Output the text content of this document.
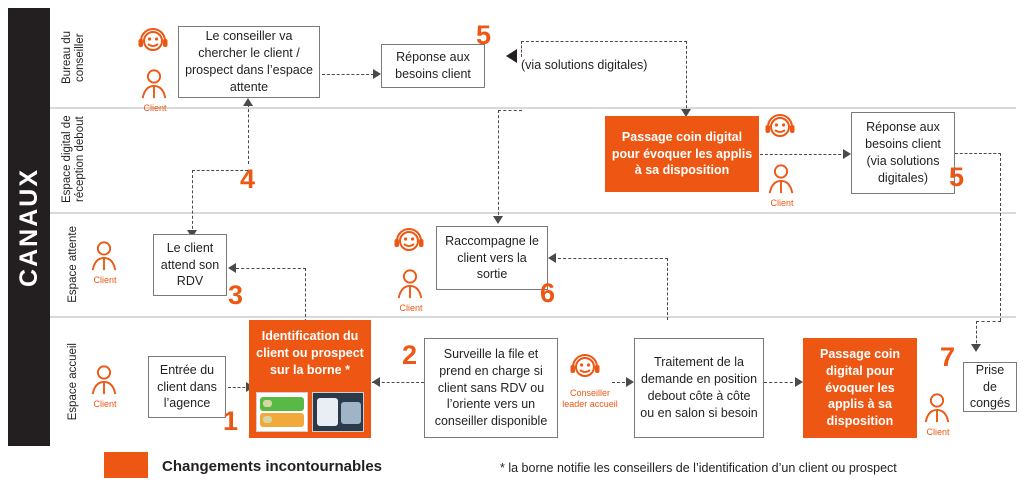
CANAUX
Bureau du conseiller
Espace digital de réception debout
Espace attente
Espace accueil
Client
Le conseiller va chercher le client / prospect dans l’espace attente
Réponse aux besoins client
5
(via solutions digitales)
Passage coin digital pour évoquer les applis à sa disposition
Client
Réponse aux besoins client (via solutions digitales) 5
4
Client
Le client attend son RDV 3	Client
Raccompagne le client vers la sortie
6
Client
Entrée du client dans l’agence
1
Identification du client ou prospect sur la borne *	2	Surveille la file et prend en charge si client sans RDV ou l’oriente vers un conseiller disponible
Conseiller leader accueil
Traitement de la demande en position debout côte à côte ou en salon si besoin
Passage coin digital pour évoquer les applis à sa disposition
Client
7	Prise de congés
Changements incontournables	* la borne notifie les conseillers de l’identification d’un client ou prospect
